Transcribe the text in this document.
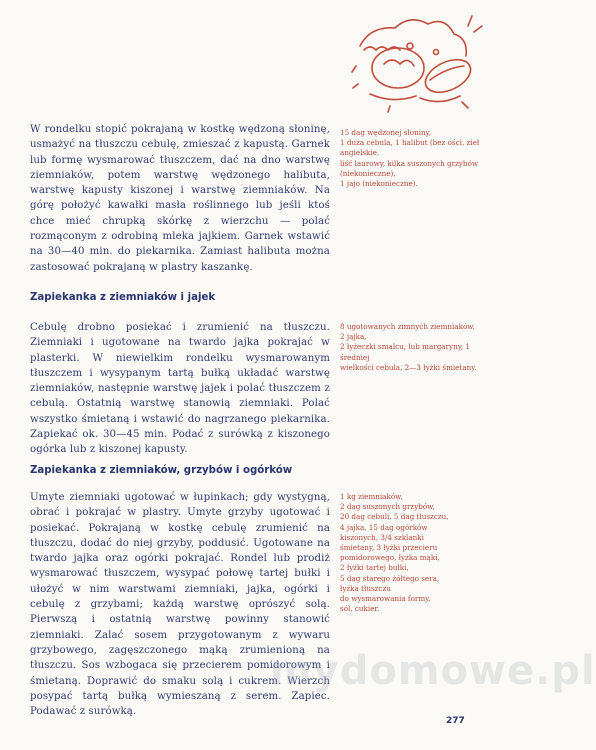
W rondelku stopić pokrajaną w kostkę wędzoną słoninę, usmażyć na tłuszczu cebulę, zmieszać z kapustą. Garnek lub formę wysmarować tłuszczem, dać na dno warstwę ziemniaków, potem warstwę wędzonego halibuta, warstwę kapusty kiszonej i warstwę ziemniaków. Na górę położyć kawałki masła roślinnego lub jeśli ktoś chce mieć chrupką skórkę z wierzchu — polać rozmąconym z odrobiną mleka jajkiem. Garnek wstawić na 30—40 min. do piekarnika. Zamiast halibuta można zastosować pokrajaną w plastry kaszankę.

15 dag wędzonej słoniny,
1 duża cebula, 1 halibut (bez ości, zieł angielskie,
liść laurowy, kilka suszonych grzybów (niekonieczne),
1 jajo (niekonieczne).

Zapiekanka z ziemniaków i jajek

Cebulę drobno posiekać i zrumienić na tłuszczu. Ziemniaki i ugotowane na twardo jajka pokrajać w plasterki. W niewielkim rondelku wysmarowanym tłuszczem i wysypanym tartą bułką układać warstwę ziemniaków, następnie warstwę jajek i polać tłuszczem z cebulą. Ostatnią warstwę stanowią ziemniaki. Polać wszystko śmietaną i wstawić do nagrzanego piekarnika. Zapiekać ok. 30—45 min. Podać z surówką z kiszonego ogórka lub z kiszonej kapusty.

8 ugotowanych zimnych ziemniaków, 2 jajka,
2 łyżeczki smalcu, lub margaryny, 1 średniej
wielkości cebula, 2—3 łyżki śmietany.

Zapiekanka z ziemniaków, grzybów i ogórków

Umyte ziemniaki ugotować w łupinkach; gdy wystygną, obrać i pokrajać w plastry. Umyte grzyby ugotować i posiekać. Pokrajaną w kostkę cebulę zrumienić na tłuszczu, dodać do niej grzyby, poddusić. Ugotowane na twardo jajka oraz ogórki pokrajać. Rondel lub prodiż wysmarować tłuszczem, wysypać połowę tartej bułki i ułożyć w nim warstwami ziemniaki, jajka, ogórki i cebulę z grzybami; każdą warstwę oprószyć solą. Pierwszą i ostatnią warstwę powinny stanowić ziemniaki. Zalać sosem przygotowanym z wywaru grzybowego, zagęszczonego mąką zrumienioną na tłuszczu. Sos wzbogaca się przecierem pomidorowym i śmietaną. Doprawić do smaku solą i cukrem. Wierzch posypać tartą bułką wymieszaną z serem. Zapiec. Podawać z surówką.

1 kg ziemniaków,
2 dag suszonych grzybów,
20 dag cebuli, 5 dag tłuszczu,
4 jajka, 15 dag ogórków
kiszonych, 3/4 szklanki
śmietany, 3 łyżki przecieru
pomidorowego, łyżka mąki,
2 łyżki tartej bułki,
5 dag starego żółtego sera,
łyżka tłuszczu
do wysmarowania formy,
sól, cukier.

mydomowe.pl
277
